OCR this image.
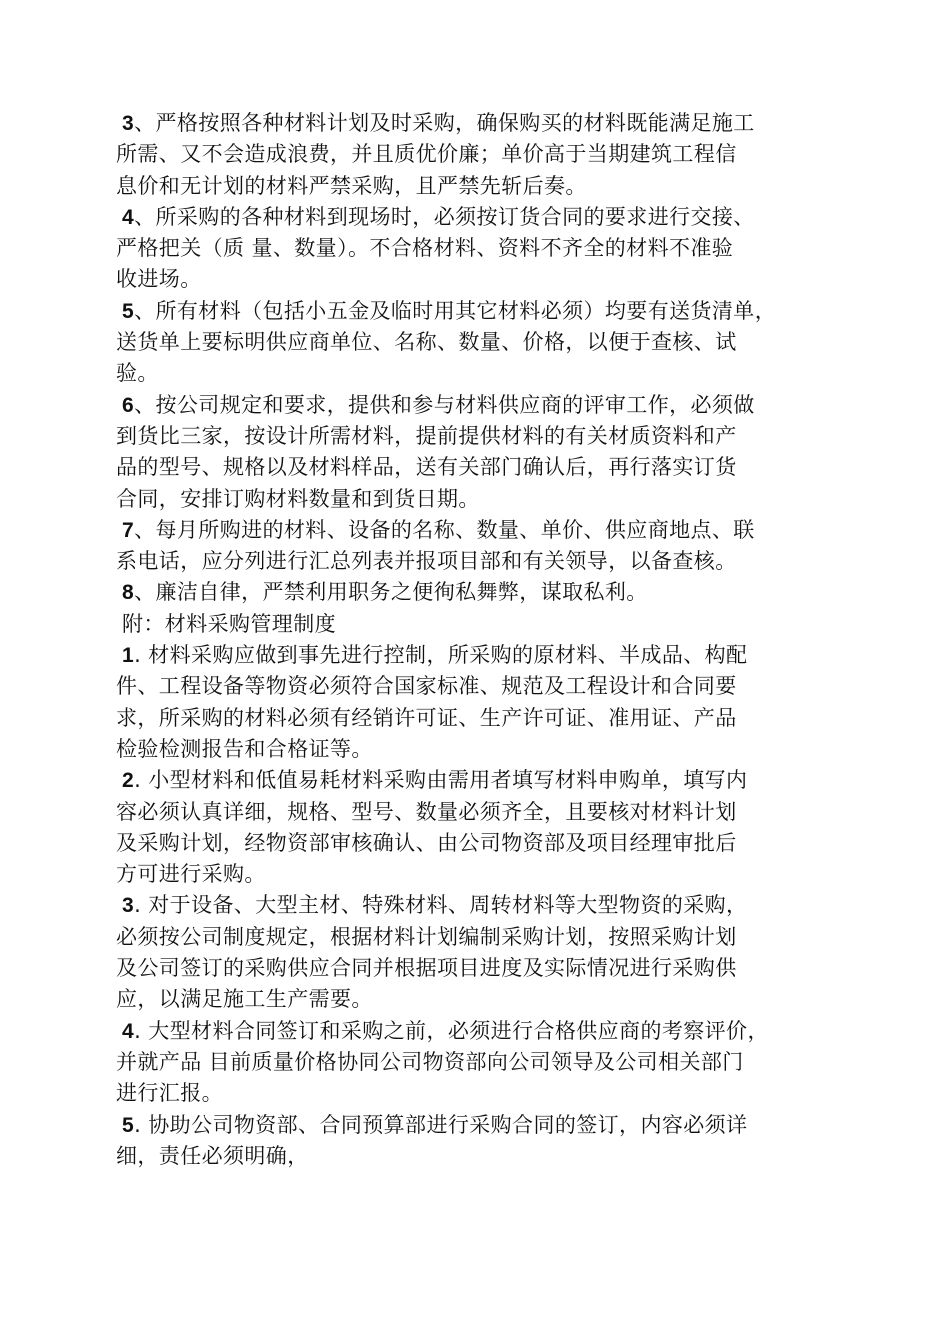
3、严格按照各种材料计划及时采购，确保购买的材料既能满足施工
所需、又不会造成浪费，并且质优价廉；单价高于当期建筑工程信
息价和无计划的材料严禁采购，且严禁先斩后奏。
4、所采购的各种材料到现场时，必须按订货合同的要求进行交接、
严格把关（质 量、数量）。不合格材料、资料不齐全的材料不准验
收进场。
5、所有材料（包括小五金及临时用其它材料必须）均要有送货清单，
送货单上要标明供应商单位、名称、数量、价格，以便于查核、试
验。
6、按公司规定和要求，提供和参与材料供应商的评审工作，必须做
到货比三家，按设计所需材料，提前提供材料的有关材质资料和产
品的型号、规格以及材料样品，送有关部门确认后，再行落实订货
合同，安排订购材料数量和到货日期。
7、每月所购进的材料、设备的名称、数量、单价、供应商地点、联
系电话，应分列进行汇总列表并报项目部和有关领导，以备查核。
8、廉洁自律，严禁利用职务之便徇私舞弊，谋取私利。
附：材料采购管理制度
1. 材料采购应做到事先进行控制，所采购的原材料、半成品、构配
件、工程设备等物资必须符合国家标准、规范及工程设计和合同要
求，所采购的材料必须有经销许可证、生产许可证、准用证、产品
检验检测报告和合格证等。
2. 小型材料和低值易耗材料采购由需用者填写材料申购单，填写内
容必须认真详细，规格、型号、数量必须齐全，且要核对材料计划
及采购计划，经物资部审核确认、由公司物资部及项目经理审批后
方可进行采购。
3. 对于设备、大型主材、特殊材料、周转材料等大型物资的采购，
必须按公司制度规定，根据材料计划编制采购计划，按照采购计划
及公司签订的采购供应合同并根据项目进度及实际情况进行采购供
应，以满足施工生产需要。
4. 大型材料合同签订和采购之前，必须进行合格供应商的考察评价，
并就产品 目前质量价格协同公司物资部向公司领导及公司相关部门
进行汇报。
5. 协助公司物资部、合同预算部进行采购合同的签订，内容必须详
细，责任必须明确，
